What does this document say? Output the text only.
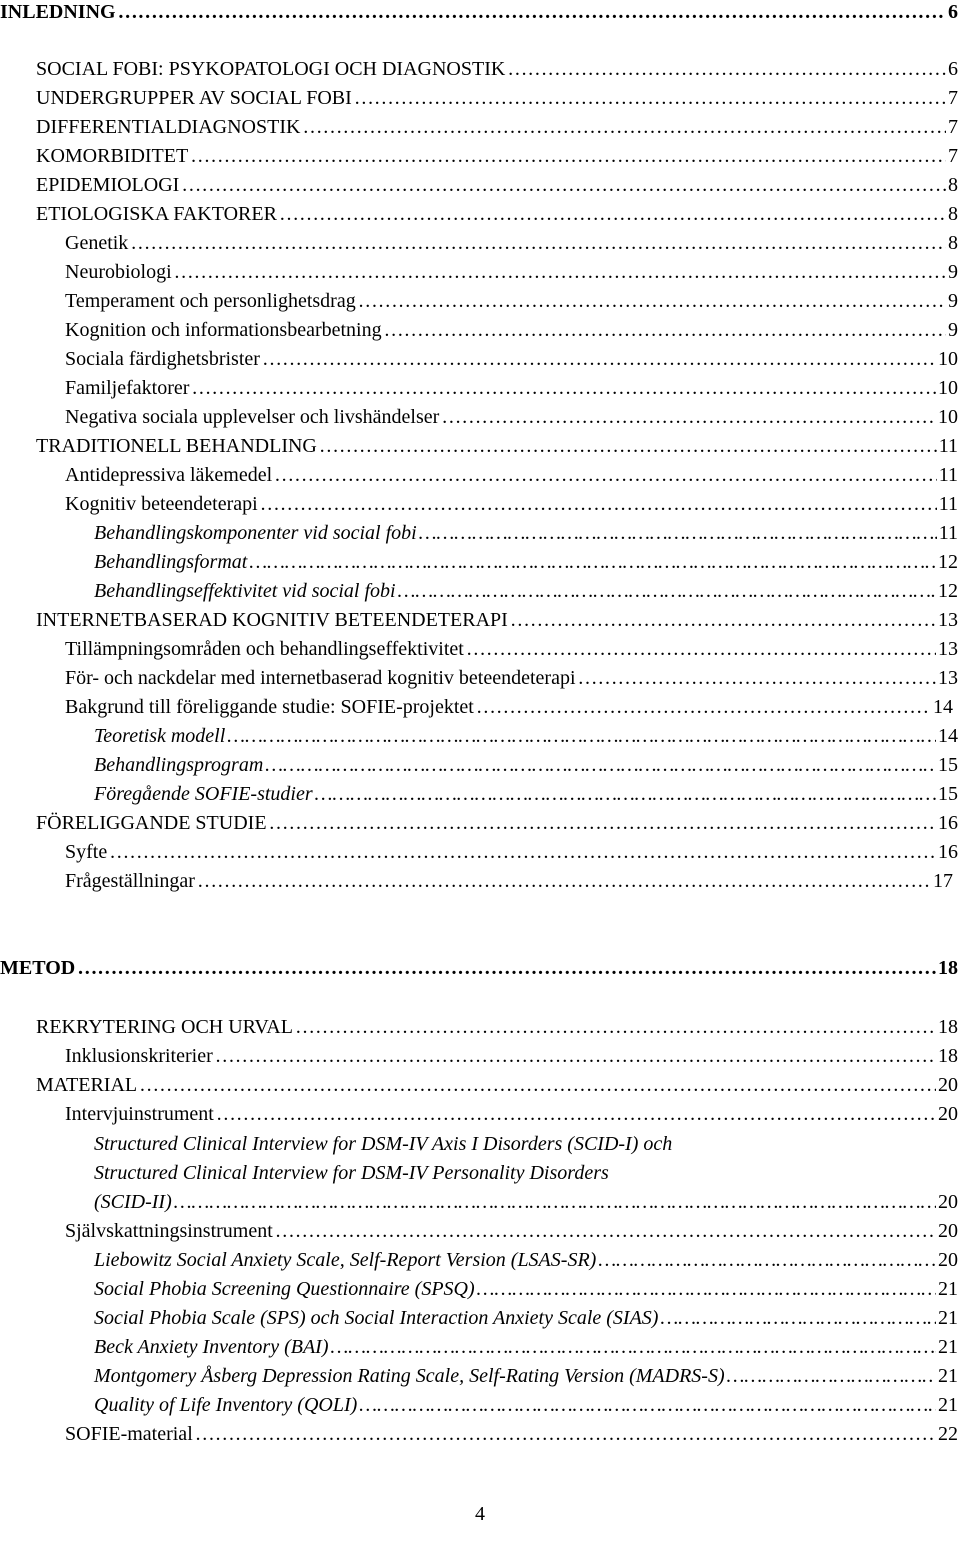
INLEDNING ……………………………………………………………………………………………………………………………………………………………………………………………	6
SOCIAL FOBI: PSYKOPATOLOGI OCH DIAGNOSTIK ……………………………………………………………………………………………………………………………………………………………………………………………	6
UNDERGRUPPER AV SOCIAL FOBI ……………………………………………………………………………………………………………………………………………………………………………………………	7
DIFFERENTIALDIAGNOSTIK ……………………………………………………………………………………………………………………………………………………………………………………………	7
KOMORBIDITET ……………………………………………………………………………………………………………………………………………………………………………………………	7
EPIDEMIOLOGI ……………………………………………………………………………………………………………………………………………………………………………………………	8
ETIOLOGISKA FAKTORER ……………………………………………………………………………………………………………………………………………………………………………………………	8
Genetik ……………………………………………………………………………………………………………………………………………………………………………………………	8
Neurobiologi ……………………………………………………………………………………………………………………………………………………………………………………………	9
Temperament och personlighetsdrag ……………………………………………………………………………………………………………………………………………………………………………………………	9
Kognition och informationsbearbetning ……………………………………………………………………………………………………………………………………………………………………………………………	9
Sociala färdighetsbrister ……………………………………………………………………………………………………………………………………………………………………………………………	10
Familjefaktorer ……………………………………………………………………………………………………………………………………………………………………………………………	10
Negativa sociala upplevelser och livshändelser ……………………………………………………………………………………………………………………………………………………………………………………………	10
TRADITIONELL BEHANDLING ……………………………………………………………………………………………………………………………………………………………………………………………	11
Antidepressiva läkemedel ……………………………………………………………………………………………………………………………………………………………………………………………	11
Kognitiv beteendeterapi ……………………………………………………………………………………………………………………………………………………………………………………………	11
Behandlingskomponenter vid social fobi ……………………………………………………………………………………………………………………………………………………………………………………………	11
Behandlingsformat ……………………………………………………………………………………………………………………………………………………………………………………………	12
Behandlingseffektivitet vid social fobi ……………………………………………………………………………………………………………………………………………………………………………………………	12
INTERNETBASERAD KOGNITIV BETEENDETERAPI ……………………………………………………………………………………………………………………………………………………………………………………………	13
Tillämpningsområden och behandlingseffektivitet ……………………………………………………………………………………………………………………………………………………………………………………………	13
För- och nackdelar med internetbaserad kognitiv beteendeterapi ……………………………………………………………………………………………………………………………………………………………………………………………	13
Bakgrund till föreliggande studie: SOFIE-projektet ……………………………………………………………………………………………………………………………………………………………………………………………	14
Teoretisk modell ……………………………………………………………………………………………………………………………………………………………………………………………	14
Behandlingsprogram ……………………………………………………………………………………………………………………………………………………………………………………………	15
Föregående SOFIE-studier ……………………………………………………………………………………………………………………………………………………………………………………………	15
FÖRELIGGANDE STUDIE ……………………………………………………………………………………………………………………………………………………………………………………………	16
Syfte ……………………………………………………………………………………………………………………………………………………………………………………………	16
Frågeställningar ……………………………………………………………………………………………………………………………………………………………………………………………	17
METOD ……………………………………………………………………………………………………………………………………………………………………………………………	18
REKRYTERING OCH URVAL ……………………………………………………………………………………………………………………………………………………………………………………………	18
Inklusionskriterier ……………………………………………………………………………………………………………………………………………………………………………………………	18
MATERIAL ……………………………………………………………………………………………………………………………………………………………………………………………	20
Intervjuinstrument ……………………………………………………………………………………………………………………………………………………………………………………………	20
Structured Clinical Interview for DSM-IV Axis I Disorders (SCID-I) och
Structured Clinical Interview for DSM-IV Personality Disorders
(SCID-II) ……………………………………………………………………………………………………………………………………………………………………………………………	20
Självskattningsinstrument ……………………………………………………………………………………………………………………………………………………………………………………………	20
Liebowitz Social Anxiety Scale, Self-Report Version (LSAS-SR) ……………………………………………………………………………………………………………………………………………………………………………………………	20
Social Phobia Screening Questionnaire (SPSQ) ……………………………………………………………………………………………………………………………………………………………………………………………	21
Social Phobia Scale (SPS) och Social Interaction Anxiety Scale (SIAS) ……………………………………………………………………………………………………………………………………………………………………………………………	21
Beck Anxiety Inventory (BAI) ……………………………………………………………………………………………………………………………………………………………………………………………	21
Montgomery Åsberg Depression Rating Scale, Self-Rating Version (MADRS-S) ……………………………………………………………………………………………………………………………………………………………………………………………	21
Quality of Life Inventory (QOLI) ……………………………………………………………………………………………………………………………………………………………………………………………	21
SOFIE-material ……………………………………………………………………………………………………………………………………………………………………………………………	22
4
